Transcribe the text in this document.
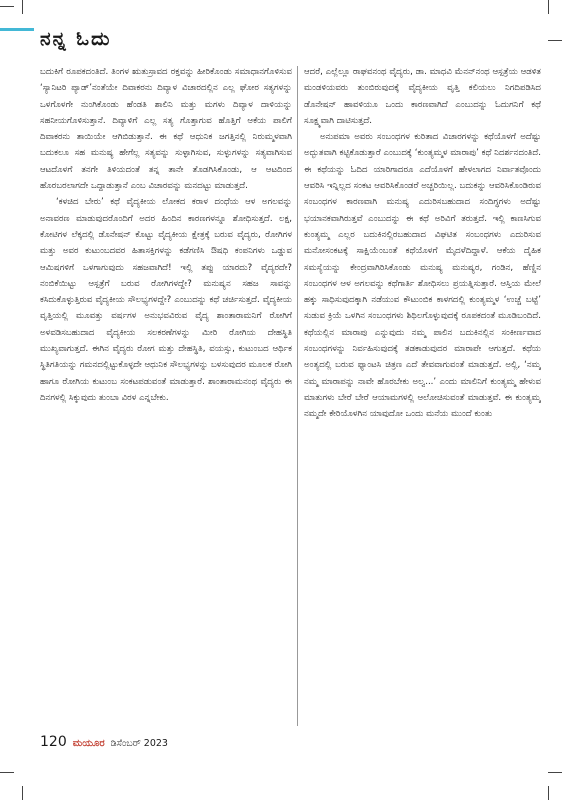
ನನ್ನ ಓದು

ಬದುಕಿಗೆ ರೂಪಕದಂತಿದೆ. ತಿಂಗಳ ಋತುಸ್ರಾವದ ರಕ್ತವನ್ನು ಹೀರಿಕೊಂಡು ಸಮಾಧಾನಗೊಳಿಸುವ ‘ಸ್ಯಾನಿಟರಿ ಪ್ಯಾಡ್’ನಂತೆಯೇ ದಿವಾಕರನು ದಿವ್ಯಾಳ ವಿಚಾರದಲ್ಲಿನ ಎಲ್ಲ ಘೋರ ಸತ್ಯಗಳನ್ನು ಒಳಗೊಳಗೇ ನುಂಗಿಕೊಂಡು ಹೆಂಡತಿ ಶಾಲಿನಿ ಮತ್ತು ಮಗಳು ದಿವ್ಯಾಳ ದಾಳಿಯನ್ನು ಸಹನೀಯಗೊಳಿಸುತ್ತಾನೆ. ದಿವ್ಯಾಳಿಗೆ ಎಲ್ಲ ಸತ್ಯ ಗೊತ್ತಾಗುವ ಹೊತ್ತಿಗೆ ಆಕೆಯ ಪಾಲಿಗೆ ದಿವಾಕರನು ತಾಯಿಯೇ ಆಗಿಬಿಡುತ್ತಾನೆ. ಈ ಕಥೆ ಆಧುನಿಕ ಜಗತ್ತಿನಲ್ಲಿ ನಿರುಮ್ಮಳವಾಗಿ ಬದುಕಲೂ ಸಹ ಮನುಷ್ಯ ಹೇಗೆಲ್ಲ ಸತ್ಯವನ್ನು ಸುಳ್ಳಾಗಿಸುವ, ಸುಳ್ಳುಗಳನ್ನು ಸತ್ಯವಾಗಿಸುವ ಆಟದೊಳಗೆ ತನಗೇ ತಿಳಿಯದಂತೆ ತನ್ನ ತಾನೇ ತೊಡಗಿಸಿಕೊಂಡು, ಆ ಆಟದಿಂದ ಹೊರಬರಲಾಗದೇ ಒದ್ದಾಡುತ್ತಾನೆ ಎಂಬ ವಿಚಾರವನ್ನು ಮನದಟ್ಟು ಮಾಡುತ್ತದೆ.

‘ಕಳಚಿದ ಬೇರು’ ಕಥೆ ವೈದ್ಯಕೀಯ ಲೋಕದ ಕರಾಳ ದಂಧೆಯ ಆಳ ಅಗಲವನ್ನು ಅನಾವರಣ ಮಾಡುವುದರೊಂದಿಗೆ ಅದರ ಹಿಂದಿನ ಕಾರಣಗಳನ್ನೂ ಶೋಧಿಸುತ್ತದೆ. ಲಕ್ಷ, ಕೋಟಿಗಳ ಲೆಕ್ಕದಲ್ಲಿ ಡೊನೇಷನ್ ಕೊಟ್ಟು ವೈದ್ಯಕೀಯ ಕ್ಷೇತ್ರಕ್ಕೆ ಬರುವ ವೈದ್ಯರು, ರೋಗಿಗಳ ಮತ್ತು ಅವರ ಕುಟುಂಬದವರ ಹಿತಾಸಕ್ತಿಗಳನ್ನು ಕಡೆಗಣಿಸಿ ಔಷಧಿ ಕಂಪನಿಗಳು ಒಡ್ಡುವ ಆಮಿಷಗಳಿಗೆ ಒಳಗಾಗುವುದು ಸಹಜವಾಗಿದೆ! ಇಲ್ಲಿ ತಪ್ಪು ಯಾರದು? ವೈದ್ಯರದೇ? ನಂಬಿಕೆಯಿಟ್ಟು ಆಸ್ಪತ್ರೆಗೆ ಬರುವ ರೋಗಿಗಳದ್ದೇ? ಮನುಷ್ಯನ ಸಹಜ ಸಾವನ್ನು ಕಸಿದುಕೊಳ್ಳುತ್ತಿರುವ ವೈದ್ಯಕೀಯ ಸೌಲಭ್ಯಗಳದ್ದೇ? ಎಂಬುದನ್ನು ಕಥೆ ಚರ್ಚಿಸುತ್ತದೆ. ವೈದ್ಯಕೀಯ ವೃತ್ತಿಯಲ್ಲಿ ಮೂವತ್ತು ವರ್ಷಗಳ ಅನುಭವವಿರುವ ವೈದ್ಯ ಶಾಂತಾರಾಮನಿಗೆ ರೋಗಿಗೆ ಅಳವಡಿಸಬಹುದಾದ ವೈದ್ಯಕೀಯ ಸಲಕರಣೆಗಳನ್ನು ಮೀರಿ ರೋಗಿಯ ದೇಹಸ್ಥಿತಿ ಮುಖ್ಯವಾಗುತ್ತದೆ. ಈಗಿನ ವೈದ್ಯರು ರೋಗ ಮತ್ತು ದೇಹಸ್ಥಿತಿ, ವಯಸ್ಸು, ಕುಟುಂಬದ ಆರ್ಥಿಕ ಸ್ಥಿತಿಗತಿಯನ್ನು ಗಮನದಲ್ಲಿಟ್ಟುಕೊಳ್ಳದೇ ಆಧುನಿಕ ಸೌಲಭ್ಯಗಳನ್ನು ಬಳಸುವುದರ ಮೂಲಕ ರೋಗಿ ಹಾಗೂ ರೋಗಿಯ ಕುಟುಂಬ ಸಂಕಟಪಡುವಂತೆ ಮಾಡುತ್ತಾರೆ. ಶಾಂತಾರಾಮನಂಥ ವೈದ್ಯರು ಈ ದಿನಗಳಲ್ಲಿ ಸಿಕ್ಕುವುದು ತುಂಬಾ ವಿರಳ ಎನ್ನಬೇಕು.

ಆದರೆ, ಎಲ್ಲೆಲ್ಲೂ ರಾಘವನಂಥ ವೈದ್ಯರು, ಡಾ. ಮಾಧವಿ ಮೆನನ್‌ನಂಥ ಆಸ್ಪತ್ರೆಯ ಆಡಳಿತ ಮಂಡಳಿಯವರು ತುಂಬಿರುವುದಕ್ಕೆ ವೈದ್ಯಕೀಯ ವೃತ್ತಿ ಕಲಿಯಲು ನಿಗದಿಪಡಿಸಿದ ಡೊನೇಷನ್ ಹಾವಳಿಯೂ ಒಂದು ಕಾರಣವಾಗಿದೆ ಎಂಬುದನ್ನು ಓದುಗನಿಗೆ ಕಥೆ ಸೂಕ್ಷ್ಮವಾಗಿ ದಾಟಿಸುತ್ತದೆ.

ಅನುಪಮಾ ಅವರು ಸಂಬಂಧಗಳ ಕುರಿತಾದ ವಿಚಾರಗಳನ್ನು ಕಥೆಯೊಳಗೆ ಅದೆಷ್ಟು ಅದ್ಭುತವಾಗಿ ಕಟ್ಟಿಕೊಡುತ್ತಾರೆ ಎಂಬುದಕ್ಕೆ ‘ಕುಂತ್ಯಮ್ಮಳ ಮಾರಾಪು’ ಕಥೆ ನಿದರ್ಶನದಂತಿದೆ. ಈ ಕಥೆಯನ್ನು ಓದಿದ ಯಾರಿಗಾದರೂ ಎದೆಯೊಳಗೆ ಹೇಳಲಾಗದ ನಿರ್ವಾತವೊಂದು ಆವರಿಸಿ ಇನ್ನಿಲ್ಲದ ಸಂಕಟ ಆವರಿಸಿಕೊಂಡರೆ ಅಚ್ಚರಿಯಿಲ್ಲ. ಬದುಕನ್ನು ಆವರಿಸಿಕೊಂಡಿರುವ ಸಂಬಂಧಗಳ ಕಾರಣವಾಗಿ ಮನುಷ್ಯ ಎದುರಿಸಬಹುದಾದ ಸಂದಿಗ್ಧಗಳು ಅದೆಷ್ಟು ಭಯಾನಕವಾಗಿರುತ್ತವೆ ಎಂಬುದನ್ನು ಈ ಕಥೆ ಅರಿವಿಗೆ ತರುತ್ತದೆ. ಇಲ್ಲಿ ಕಾಣಸಿಗುವ ಕುಂತ್ಯಮ್ಮ ಎಲ್ಲರ ಬದುಕಿನಲ್ಲಿರಬಹುದಾದ ವಿಘಟಿತ ಸಂಬಂಧಗಳು ಎದುರಿಸುವ ಮನೋಸಂಕಟಕ್ಕೆ ಸಾಕ್ಷಿಯೆಂಬಂತೆ ಕಥೆಯೊಳಗೆ ಮೈದಳೆದಿದ್ದಾಳೆ. ಆಕೆಯ ದೈಹಿಕ ಸಮಸ್ಯೆಯನ್ನು ಕೇಂದ್ರವಾಗಿರಿಸಿಕೊಂಡು ಮನುಷ್ಯ ಮನುಷ್ಯರ, ಗಂಡಿನ, ಹೆಣ್ಣಿನ ಸಂಬಂಧಗಳ ಆಳ ಅಗಲವನ್ನು ಕಥೆಗಾರ್ತಿ ಶೋಧಿಸಲು ಪ್ರಯತ್ನಿಸುತ್ತಾರೆ. ಆಸ್ತಿಯ ಮೇಲೆ ಹಕ್ಕು ಸಾಧಿಸುವುದಕ್ಕಾಗಿ ನಡೆಯುವ ಕೌಟುಂಬಿಕ ಕಾಳಗದಲ್ಲಿ ಕುಂತ್ಯಮ್ಮಳ ‘ಉಚ್ಚೆ ಬಟ್ಟೆ’ ಸುಡುವ ಕ್ರಿಯೆ ಒಳಗಿನ ಸಂಬಂಧಗಳು ಶಿಥಿಲಗೊಳ್ಳುವುದಕ್ಕೆ ರೂಪಕದಂತೆ ಮೂಡಿಬಂದಿದೆ. ಕಥೆಯಲ್ಲಿನ ಮಾರಾಪು ಎನ್ನುವುದು ನಮ್ಮ ಪಾಲಿನ ಬದುಕಿನಲ್ಲಿನ ಸಂಕೀರ್ಣವಾದ ಸಂಬಂಧಗಳನ್ನು ನಿರ್ವಹಿಸುವುದಕ್ಕೆ ತಡಕಾಡುವುದರ ಮಾರಾಪೇ ಆಗುತ್ತದೆ. ಕಥೆಯ ಅಂತ್ಯದಲ್ಲಿ ಬರುವ ಫ್ಯಾಂಟಸಿ ಚಿತ್ರಣ ಎದೆ ತೇವವಾಗುವಂತೆ ಮಾಡುತ್ತದೆ. ಅಲ್ಲಿ, ‘ನಮ್ಮ ನಮ್ಮ ಮಾರಾಪನ್ನು ನಾವೇ ಹೊರಬೇಕು ಅಲ್ವ...’ ಎಂದು ಮಾಲಿನಿಗೆ ಕುಂತ್ಯಮ್ಮ ಹೇಳುವ ಮಾತುಗಳು ಬೇರೆ ಬೇರೆ ಆಯಾಮಗಳಲ್ಲಿ ಆಲೋಚಿಸುವಂತೆ ಮಾಡುತ್ತವೆ. ಈ ಕುಂತ್ಯಮ್ಮ ನಮ್ಮದೇ ಕೇರಿಯೊಳಗಿನ ಯಾವುದೋ ಒಂದು ಮನೆಯ ಮುಂದೆ ಕುಂತು

120 ಮಯೂರ ಡಿಸೆಂಬರ್ 2023
